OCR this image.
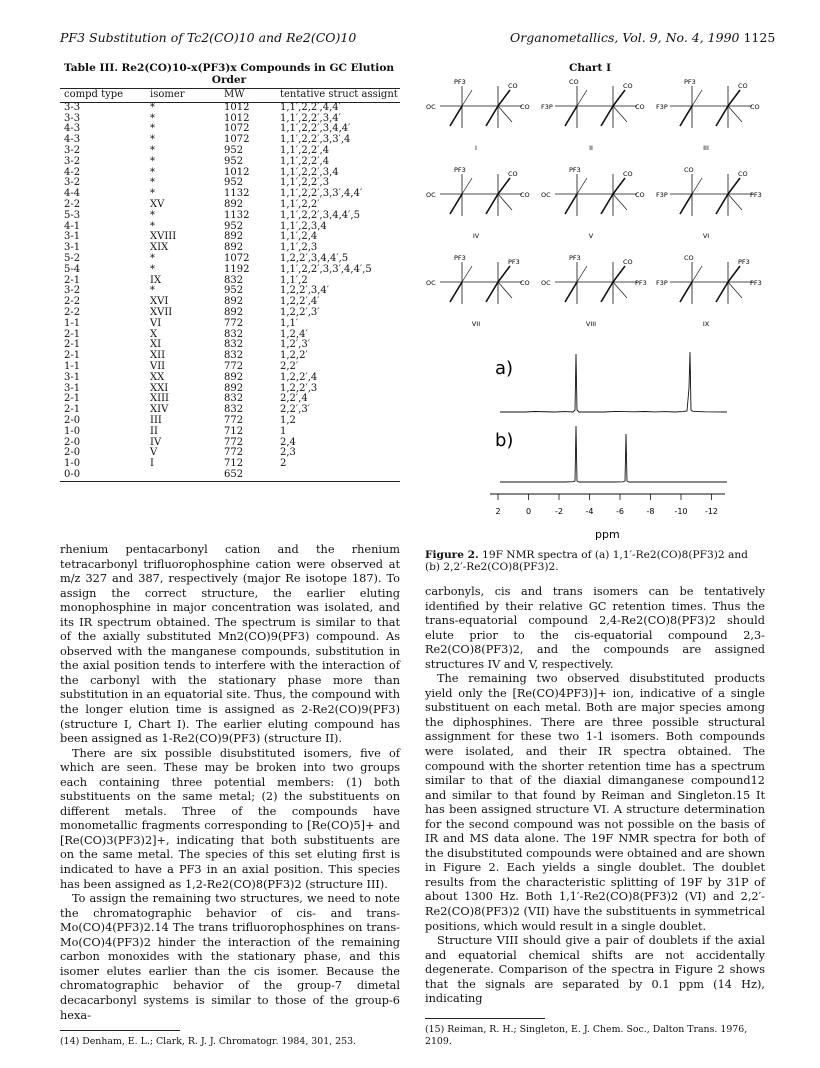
PF3 Substitution of Tc2(CO)10 and Re2(CO)10	Organometallics, Vol. 9, No. 4, 1990 1125
Table III. Re2(CO)10-x(PF3)x Compounds in GC Elution Order
compd type	isomer	MW	tentative struct assignt
3-3	*	1012	1,1′,2,2′,4,4′
3-3	*	1012	1,1′,2,2′,3,4′
4-3	*	1072	1,1′,2,2′,3,4,4′
4-3	*	1072	1,1′,2,2′,3,3′,4
3-2	*	952	1,1′,2,2′,4
3-2	*	952	1,1′,2,2′,4
4-2	*	1012	1,1′,2,2′,3,4
3-2	*	952	1,1′,2,2′,3
4-4	*	1132	1,1′,2,2′,3,3′,4,4′
2-2	XV	892	1,1′,2,2′
5-3	*	1132	1,1′,2,2′,3,4,4′,5
4-1	*	952	1,1′,2,3,4
3-1	XVIII	892	1,1′,2,4
3-1	XIX	892	1,1′,2,3
5-2	*	1072	1,2,2′,3,4,4′,5
5-4	*	1192	1,1′,2,2′,3,3′,4,4′,5
2-1	IX	832	1,1′,2
3-2	*	952	1,2,2′,3,4′
2-2	XVI	892	1,2,2′,4′
2-2	XVII	892	1,2,2′,3′
1-1	VI	772	1,1′
2-1	X	832	1,2,4′
2-1	XI	832	1,2′,3′
2-1	XII	832	1,2,2′
1-1	VII	772	2,2′
3-1	XX	892	1,2,2′,4
3-1	XXI	892	1,2,2′,3
2-1	XIII	832	2,2′,4
2-1	XIV	832	2,2′,3′
2-0	III	772	1,2
1-0	II	712	1
2-0	IV	772	2,4
2-0	V	772	2,3
1-0	I	712	2
0-0		652	

rhenium pentacarbonyl cation and the rhenium tetracarbonyl trifluorophosphine cation were observed at m/z 327 and 387, respectively (major Re isotope 187). To assign the correct structure, the earlier eluting monophosphine in major concentration was isolated, and its IR spectrum obtained. The spectrum is similar to that of the axially substituted Mn2(CO)9(PF3) compound. As observed with the manganese compounds, substitution in the axial position tends to interfere with the interaction of the carbonyl with the stationary phase more than substitution in an equatorial site. Thus, the compound with the longer elution time is assigned as 2-Re2(CO)9(PF3) (structure I, Chart I). The earlier eluting compound has been assigned as 1-Re2(CO)9(PF3) (structure II).

There are six possible disubstituted isomers, five of which are seen. These may be broken into two groups each containing three potential members: (1) both substituents on the same metal; (2) the substituents on different metals. Three of the compounds have monometallic fragments corresponding to [Re(CO)5]+ and [Re(CO)3(PF3)2]+, indicating that both substituents are on the same metal. The species of this set eluting first is indicated to have a PF3 in an axial position. This species has been assigned as 1,2-Re2(CO)8(PF3)2 (structure III).

To assign the remaining two structures, we need to note the chromatographic behavior of cis- and trans-Mo(CO)4(PF3)2.14 The trans trifluorophosphines on trans-Mo(CO)4(PF3)2 hinder the interaction of the remaining carbon monoxides with the stationary phase, and this isomer elutes earlier than the cis isomer. Because the chromatographic behavior of the group-7 dimetal decacarbonyl systems is similar to those of the group-6 hexa-

(14) Denham, E. L.; Clark, R. J. J. Chromatogr. 1984, 301, 253.
Chart I
PF3
OC	CO
CO
I
CO
F3P	CO
CO
II
PF3
F3P	CO
CO
III
PF3
OC	CO
CO
IV
PF3
OC	CO
CO
V
CO
F3P	PF3
CO
VI
PF3
OC	CO
PF3
VII
PF3
OC	PF3
CO
VIII
CO
F3P	PF3
PF3
IX
a)
b)
2	0	-2	-4	-6	-8 -10 -12
ppm
Figure 2. 19F NMR spectra of (a) 1,1′-Re2(CO)8(PF3)2 and (b) 2,2′-Re2(CO)8(PF3)2.

carbonyls, cis and trans isomers can be tentatively identified by their relative GC retention times. Thus the trans-equatorial compound 2,4-Re2(CO)8(PF3)2 should elute prior to the cis-equatorial compound 2,3-Re2(CO)8(PF3)2, and the compounds are assigned structures IV and V, respectively.

The remaining two observed disubstituted products yield only the [Re(CO)4PF3)]+ ion, indicative of a single substituent on each metal. Both are major species among the diphosphines. There are three possible structural assignment for these two 1-1 isomers. Both compounds were isolated, and their IR spectra obtained. The compound with the shorter retention time has a spectrum similar to that of the diaxial dimanganese compound12 and similar to that found by Reiman and Singleton.15 It has been assigned structure VI. A structure determination for the second compound was not possible on the basis of IR and MS data alone. The 19F NMR spectra for both of the disubstituted compounds were obtained and are shown in Figure 2. Each yields a single doublet. The doublet results from the characteristic splitting of 19F by 31P of about 1300 Hz. Both 1,1′-Re2(CO)8(PF3)2 (VI) and 2,2′-Re2(CO)8(PF3)2 (VII) have the substituents in symmetrical positions, which would result in a single doublet.

Structure VIII should give a pair of doublets if the axial and equatorial chemical shifts are not accidentally degenerate. Comparison of the spectra in Figure 2 shows that the signals are separated by 0.1 ppm (14 Hz), indicating

(15) Reiman, R. H.; Singleton, E. J. Chem. Soc., Dalton Trans. 1976, 2109.
